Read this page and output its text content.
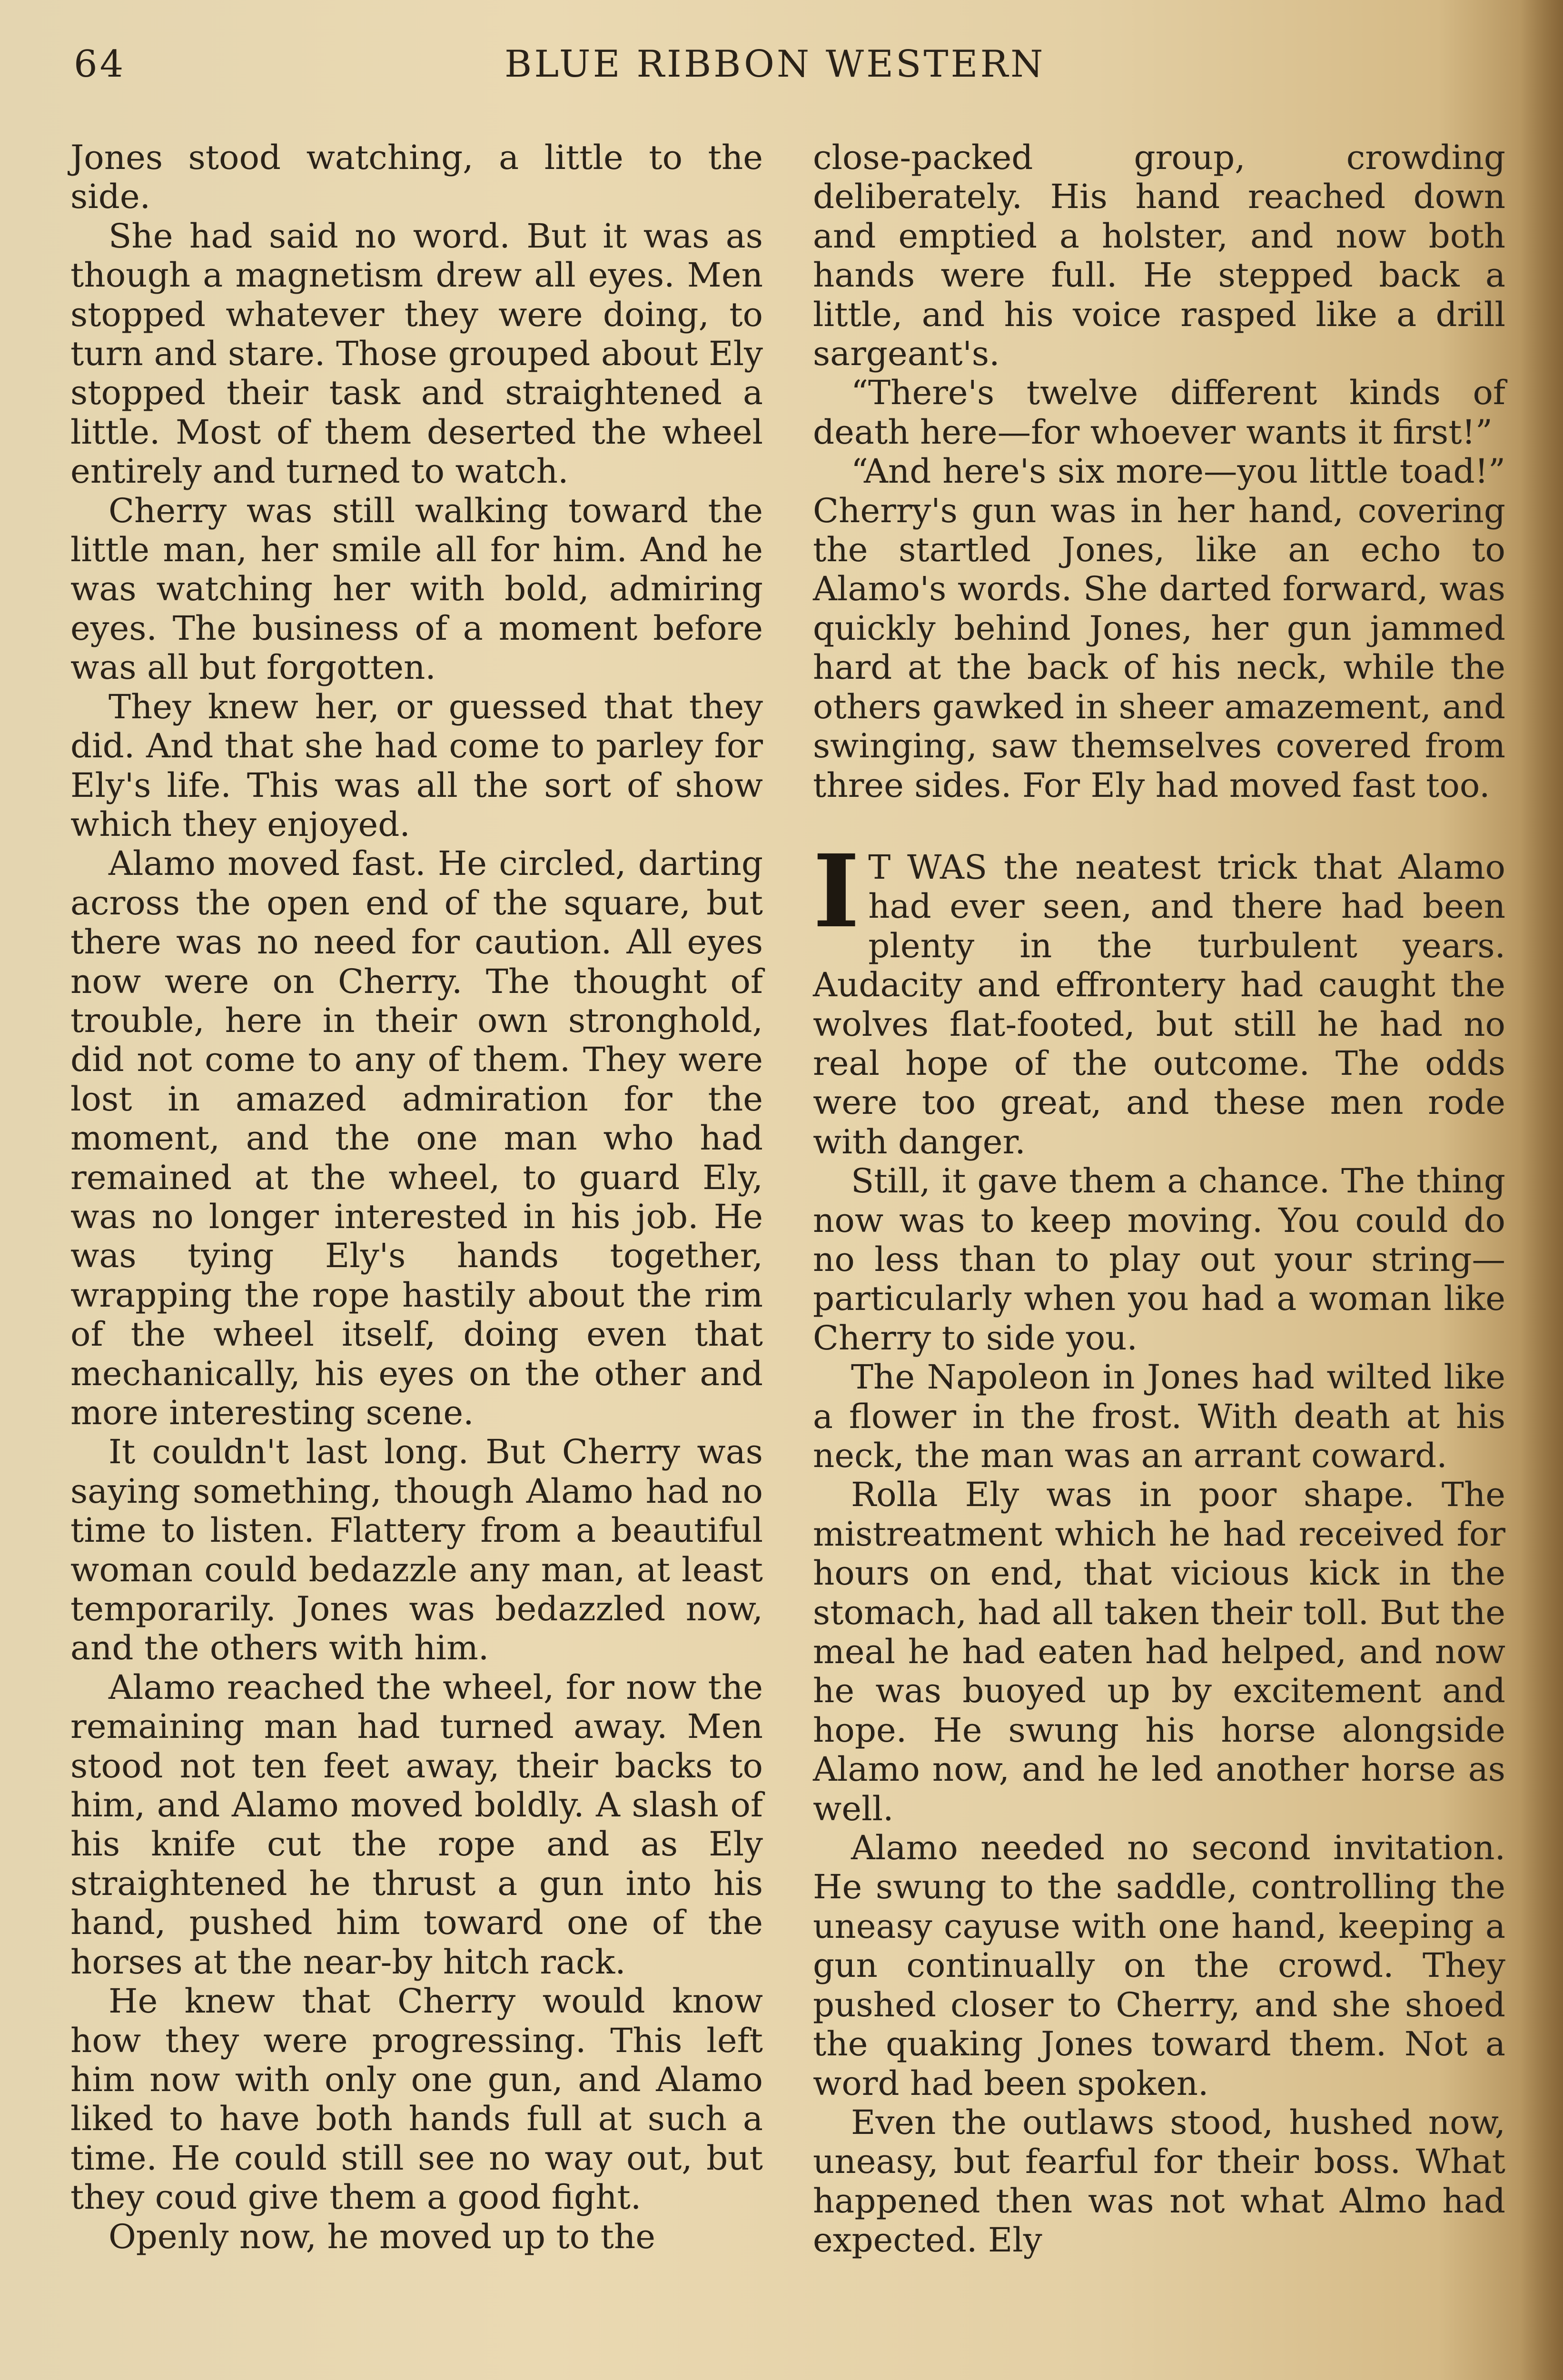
64	BLUE RIBBON WESTERN

Jones stood watching, a little to the side.

She had said no word. But it was as though a magnetism drew all eyes. Men stopped whatever they were doing, to turn and stare. Those grouped about Ely stopped their task and straightened a little. Most of them deserted the wheel entirely and turned to watch.

Cherry was still walking toward the little man, her smile all for him. And he was watching her with bold, admiring eyes. The business of a moment before was all but forgotten.

They knew her, or guessed that they did. And that she had come to parley for Ely's life. This was all the sort of show which they enjoyed.

Alamo moved fast. He circled, darting across the open end of the square, but there was no need for caution. All eyes now were on Cherry. The thought of trouble, here in their own stronghold, did not come to any of them. They were lost in amazed admiration for the moment, and the one man who had remained at the wheel, to guard Ely, was no longer interested in his job. He was tying Ely's hands together, wrapping the rope hastily about the rim of the wheel itself, doing even that mechanically, his eyes on the other and more interesting scene.

It couldn't last long. But Cherry was saying something, though Alamo had no time to listen. Flattery from a beautiful woman could bedazzle any man, at least temporarily. Jones was bedazzled now, and the others with him.

Alamo reached the wheel, for now the remaining man had turned away. Men stood not ten feet away, their backs to him, and Alamo moved boldly. A slash of his knife cut the rope and as Ely straightened he thrust a gun into his hand, pushed him toward one of the horses at the near-by hitch rack.

He knew that Cherry would know how they were progressing. This left him now with only one gun, and Alamo liked to have both hands full at such a time. He could still see no way out, but they coud give them a good fight.

Openly now, he moved up to the

close-packed group, crowding deliberately. His hand reached down and emptied a holster, and now both hands were full. He stepped back a little, and his voice rasped like a drill sargeant's.

“There's twelve different kinds of death here—for whoever wants it first!”

“And here's six more—you little toad!” Cherry's gun was in her hand, covering the startled Jones, like an echo to Alamo's words. She darted forward, was quickly behind Jones, her gun jammed hard at the back of his neck, while the others gawked in sheer amazement, and swinging, saw themselves covered from three sides. For Ely had moved fast too.

I T WAS the neatest trick that Alamo had ever seen, and there had been plenty in the turbulent years. Audacity and effrontery had caught the wolves flat-footed, but still he had no real hope of the outcome. The odds were too great, and these men rode with danger.

Still, it gave them a chance. The thing now was to keep moving. You could do no less than to play out your string—particularly when you had a woman like Cherry to side you.

The Napoleon in Jones had wilted like a flower in the frost. With death at his neck, the man was an arrant coward.

Rolla Ely was in poor shape. The mistreatment which he had received for hours on end, that vicious kick in the stomach, had all taken their toll. But the meal he had eaten had helped, and now he was buoyed up by excitement and hope. He swung his horse alongside Alamo now, and he led another horse as well.

Alamo needed no second invitation. He swung to the saddle, controlling the uneasy cayuse with one hand, keeping a gun continually on the crowd. They pushed closer to Cherry, and she shoed the quaking Jones toward them. Not a word had been spoken.

Even the outlaws stood, hushed now, uneasy, but fearful for their boss. What happened then was not what Almo had expected. Ely
